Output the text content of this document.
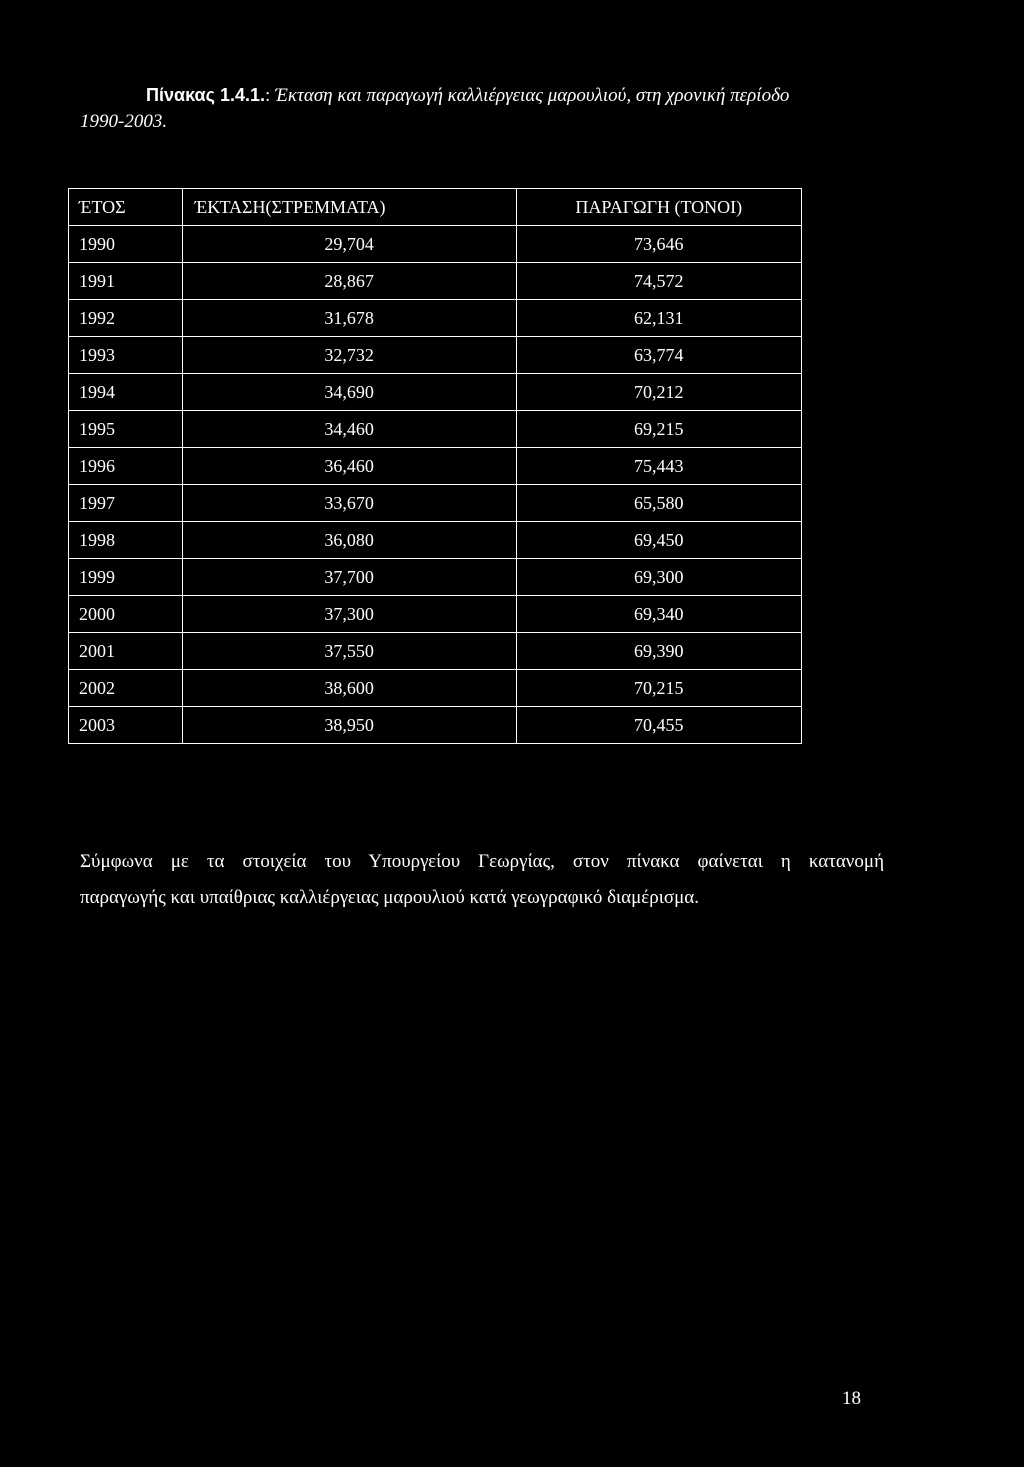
Πίνακας 1.4.1.: Έκταση και παραγωγή καλλιέργειας μαρουλιού, στη χρονική περίοδο
1990-2003.
ΈΤΟΣ	ΈΚΤΑΣΗ(ΣΤΡΕΜΜΑΤΑ)	ΠΑΡΑΓΩΓΗ (ΤΟΝΟΙ)
1990	29,704	73,646
1991	28,867	74,572
1992	31,678	62,131
1993	32,732	63,774
1994	34,690	70,212
1995	34,460	69,215
1996	36,460	75,443
1997	33,670	65,580
1998	36,080	69,450
1999	37,700	69,300
2000	37,300	69,340
2001	37,550	69,390
2002	38,600	70,215
2003	38,950	70,455
Σύμφωνα με τα στοιχεία του Υπουργείου Γεωργίας, στον πίνακα φαίνεται η κατανομή
παραγωγής και υπαίθριας καλλιέργειας μαρουλιού κατά γεωγραφικό διαμέρισμα.
18
